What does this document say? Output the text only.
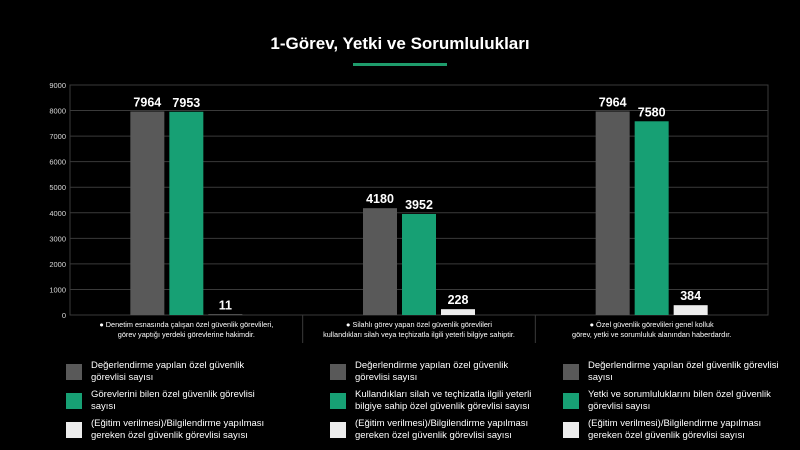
1-Görev, Yetki ve Sorumlulukları
0
1000
2000
3000
4000
5000
6000
7000
8000
9000
7964 7953
11
● Denetim esnasında çalışan özel güvenlik görevlileri, görev yaptığı yerdeki görevlerine hakimdir.
4180 3952
228
● Silahlı görev yapan özel güvenlik görevlileri kullandıkları silah veya teçhizatla ilgili yeterli bilgiye sahiptir.
7964
7580
384
● Özel güvenlik görevlileri genel kolluk görev, yetki ve sorumluluk alanından haberdardır.
Değerlendirme yapılan özel güvenlik görevlisi sayısı
Görevlerini bilen özel güvenlik görevlisi sayısı
(Eğitim verilmesi)/Bilgilendirme yapılması gereken özel güvenlik görevlisi sayısı
Değerlendirme yapılan özel güvenlik görevlisi sayısı
Kullandıkları silah ve teçhizatla ilgili yeterli bilgiye sahip özel güvenlik görevlisi sayısı
(Eğitim verilmesi)/Bilgilendirme yapılması gereken özel güvenlik görevlisi sayısı
Değerlendirme yapılan özel güvenlik görevlisi sayısı
Yetki ve sorumluluklarını bilen özel güvenlik görevlisi sayısı
(Eğitim verilmesi)/Bilgilendirme yapılması gereken özel güvenlik görevlisi sayısı
